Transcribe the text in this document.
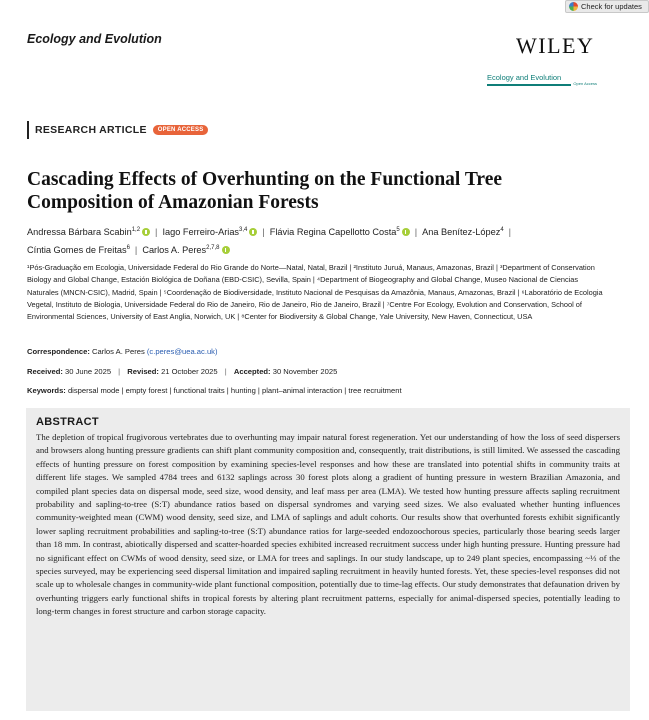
Check for updates
Ecology and Evolution	WILEY
Ecology and Evolution
Open Access
RESEARCH ARTICLE	OPEN ACCESS
Cascading Effects of Overhunting on the Functional Tree Composition of Amazonian Forests
Andressa Bárbara Scabin$^{1,2}$ | Iago Ferreiro-Arias$^{3,4}$ | Flávia Regina Capellotto Costa$^5$ | Ana Benítez-López$^4$ |
Cíntia Gomes de Freitas$^6$ | Carlos A. Peres$^{2,7,8}$
¹Pós-Graduação em Ecologia, Universidade Federal do Rio Grande do Norte—Natal, Natal, Brazil | ²Instituto Juruá, Manaus, Amazonas, Brazil | ³Department of Conservation Biology and Global Change, Estación Biológica de Doñana (EBD-CSIC), Sevilla, Spain | ⁴Department of Biogeography and Global Change, Museo Nacional de Ciencias Naturales (MNCN-CSIC), Madrid, Spain | ⁵Coordenação de Biodiversidade, Instituto Nacional de Pesquisas da Amazônia, Manaus, Amazonas, Brazil | ⁶Laboratório de Ecologia Vegetal, Instituto de Biologia, Universidade Federal do Rio de Janeiro, Rio de Janeiro, Rio de Janeiro, Brazil | ⁷Centre For Ecology, Evolution and Conservation, School of Environmental Sciences, University of East Anglia, Norwich, UK | ⁸Center for Biodiversity & Global Change, Yale University, New Haven, Connecticut, USA
Correspondence: Carlos A. Peres (c.peres@uea.ac.uk)
Received: 30 June 2025 | Revised: 21 October 2025 | Accepted: 30 November 2025
Keywords: dispersal mode | empty forest | functional traits | hunting | plant–animal interaction | tree recruitment
ABSTRACT

The depletion of tropical frugivorous vertebrates due to overhunting may impair natural forest regeneration. Yet our understanding of how the loss of seed dispersers and browsers along hunting pressure gradients can shift plant community composition and, consequently, trait distributions, is still limited. We assessed the cascading effects of hunting pressure on forest composition by examining species-level responses and how these are translated into potential shifts in community traits at different life stages. We sampled 4784 trees and 6132 saplings across 30 forest plots along a gradient of hunting pressure in western Brazilian Amazonia, and compiled plant species data on dispersal mode, seed size, wood density, and leaf mass per area (LMA). We tested how hunting pressure affects sapling recruitment probability and sapling-to-tree (S:T) abundance ratios based on dispersal syndromes and varying seed sizes. We also evaluated whether hunting influences community-weighted mean (CWM) wood density, seed size, and LMA of saplings and adult cohorts. Our results show that overhunted forests exhibit significantly lower sapling recruitment probabilities and sapling-to-tree (S:T) abundance ratios for large-seeded endozoochorous species, particularly those bearing seeds larger than 18 mm. In contrast, abiotically dispersed and scatter-hoarded species exhibited increased recruitment success under high hunting pressure. Hunting pressure had no significant effect on CWMs of wood density, seed size, or LMA for trees and saplings. In our study landscape, up to 249 plant species, encompassing ~⅓ of the species surveyed, may be experiencing seed dispersal limitation and impaired sapling recruitment in heavily hunted forests. Yet, these species-level responses did not scale up to wholesale changes in community-wide plant functional composition, potentially due to time-lag effects. Our study demonstrates that defaunation driven by overhunting triggers early functional shifts in tropical forests by altering plant recruitment patterns, especially for animal-dispersed species, potentially leading to long-term changes in forest structure and carbon storage capacity.
